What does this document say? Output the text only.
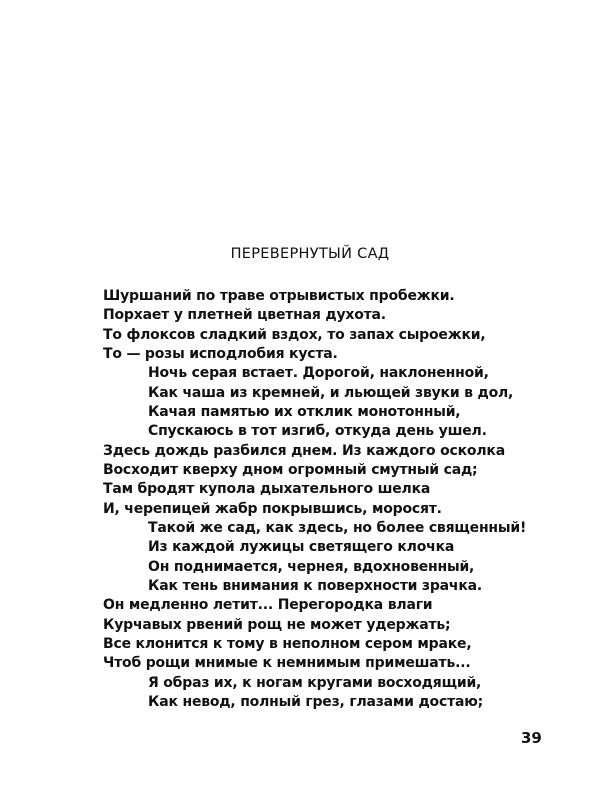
ПЕРЕВЕРНУТЫЙ САД
Шуршаний по траве отрывистых пробежки.
Порхает у плетней цветная духота.
То флоксов сладкий вздох, то запах сыроежки,
То — розы исподлобия куста.
Ночь серая встает. Дорогой, наклоненной,
Как чаша из кремней, и льющей звуки в дол,
Качая памятью их отклик монотонный,
Спускаюсь в тот изгиб, откуда день ушел.
Здесь дождь разбился днем. Из каждого осколка
Восходит кверху дном огромный смутный сад;
Там бродят купола дыхательного шелка
И, черепицей жабр покрывшись, моросят.
Такой же сад, как здесь, но более священный!
Из каждой лужицы светящего клочка
Он поднимается, чернея, вдохновенный,
Как тень внимания к поверхности зрачка.
Он медленно летит... Перегородка влаги
Курчавых рвений рощ не может удержать;
Все клонится к тому в неполном сером мраке,
Чтоб рощи мнимые к немнимым примешать...
Я образ их, к ногам кругами восходящий,
Как невод, полный грез, глазами достаю;
39
